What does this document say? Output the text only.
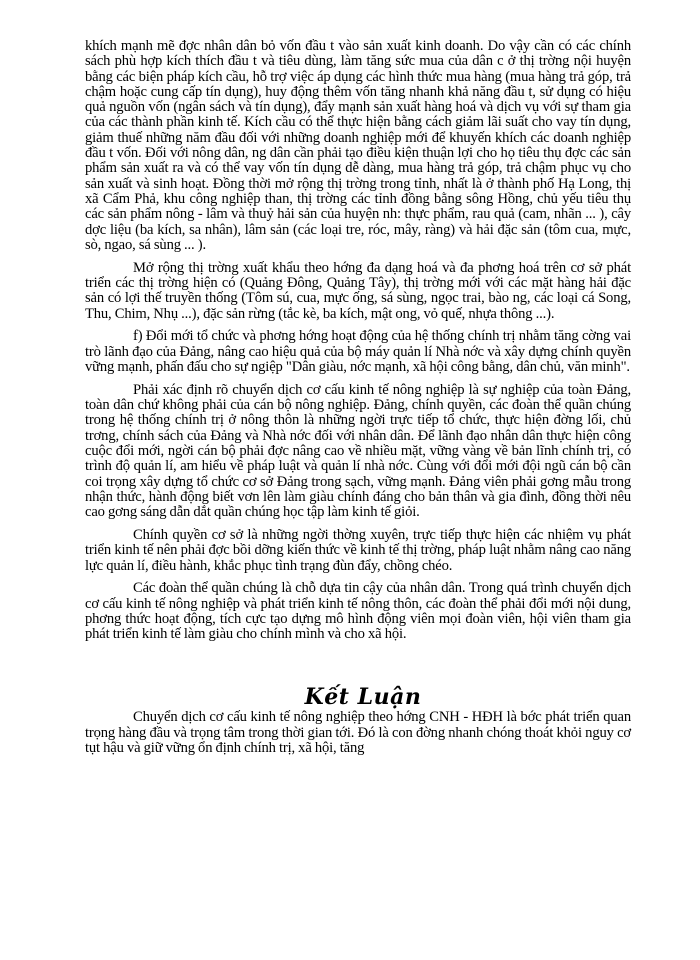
khích mạnh mẽ đợc nhân dân bỏ vốn đầu t vào sản xuất kinh doanh. Do vậy cần có các chính sách phù hợp kích thích đầu t và tiêu dùng, làm tăng sức mua của dân c ở thị trờng nội huyện bằng các biện pháp kích cầu, hỗ trợ việc áp dụng các hình thức mua hàng (mua hàng trả góp, trả chậm hoặc cung cấp tín dụng), huy động thêm vốn tăng nhanh khả năng đầu t, sử dụng có hiệu quả nguồn vốn (ngân sách và tín dụng), đẩy mạnh sản xuất hàng hoá và dịch vụ với sự tham gia của các thành phần kinh tế. Kích cầu có thể thực hiện bằng cách giảm lãi suất cho vay tín dụng, giảm thuế những năm đầu đối với những doanh nghiệp mới để khuyến khích các doanh nghiệp đầu t vốn. Đối với nông dân, ng dân cần phải tạo điều kiện thuận lợi cho họ tiêu thụ đợc các sản phẩm sản xuất ra và có thể vay vốn tín dụng dễ dàng, mua hàng trả góp, trả chậm phục vụ cho sản xuất và sinh hoạt. Đồng thời mở rộng thị trờng trong tỉnh, nhất là ở thành phố Hạ Long, thị xã Cẩm Phả, khu công nghiệp than, thị trờng các tỉnh đồng bằng sông Hồng, chủ yếu tiêu thụ các sản phẩm nông - lâm và thuỷ hải sản của huyện nh: thực phẩm, rau quả (cam, nhãn ... ), cây dợc liệu (ba kích, sa nhân), lâm sản (các loại tre, róc, mây, ràng) và hải đặc sản (tôm cua, mực, sò, ngao, sá sùng ... ).

Mở rộng thị trờng xuất khẩu theo hớng đa dạng hoá và đa phơng hoá trên cơ sở phát triển các thị trờng hiện có (Quảng Đông, Quảng Tây), thị trờng mới với các mặt hàng hải đặc sản có lợi thế truyền thống (Tôm sú, cua, mực ống, sá sùng, ngọc trai, bào ng, các loại cá Song, Thu, Chim, Nhụ ...), đặc sản rừng (tắc kè, ba kích, mật ong, vỏ quế, nhựa thông ...).

f) Đổi mới tổ chức và phơng hớng hoạt động của hệ thống chính trị nhằm tăng cờng vai trò lãnh đạo của Đảng, nâng cao hiệu quả của bộ máy quản lí Nhà nớc và xây dựng chính quyền vững mạnh, phấn đấu cho sự ngiệp "Dân giàu, nớc mạnh, xã hội công bằng, dân chủ, văn minh".

Phải xác định rõ chuyển dịch cơ cấu kinh tế nông nghiệp là sự nghiệp của toàn Đảng, toàn dân chứ không phải của cán bộ nông nghiệp. Đảng, chính quyền, các đoàn thể quần chúng trong hệ thống chính trị ở nông thôn là những ngời trực tiếp tổ chức, thực hiện đờng lối, chủ trơng, chính sách của Đảng và Nhà nớc đối với nhân dân. Để lãnh đạo nhân dân thực hiện công cuộc đổi mới, ngời cán bộ phải đợc nâng cao về nhiều mặt, vững vàng về bản lĩnh chính trị, có trình độ quản lí, am hiểu về pháp luật và quản lí nhà nớc. Cùng với đổi mới đội ngũ cán bộ cần coi trọng xây dựng tổ chức cơ sở Đảng trong sạch, vững mạnh. Đảng viên phải gơng mẫu trong nhận thức, hành động biết vơn lên làm giàu chính đáng cho bản thân và gia đình, đồng thời nêu cao gơng sáng dẫn dắt quần chúng học tập làm kinh tế giỏi.

Chính quyền cơ sở là những ngời thờng xuyên, trực tiếp thực hiện các nhiệm vụ phát triển kinh tế nên phải đợc bồi dỡng kiến thức về kinh tế thị trờng, pháp luật nhằm nâng cao năng lực quản lí, điều hành, khắc phục tình trạng đùn đẩy, chồng chéo.

Các đoàn thể quần chúng là chỗ dựa tin cậy của nhân dân. Trong quá trình chuyển dịch cơ cấu kinh tế nông nghiệp và phát triển kinh tế nông thôn, các đoàn thể phải đổi mới nội dung, phơng thức hoạt động, tích cực tạo dựng mô hình động viên mọi đoàn viên, hội viên tham gia phát triển kinh tế làm giàu cho chính mình và cho xã hội.

Kết Luận

Chuyển dịch cơ cấu kinh tế nông nghiệp theo hớng CNH - HĐH là bớc phát triển quan trọng hàng đầu và trọng tâm trong thời gian tới. Đó là con đờng nhanh chóng thoát khỏi nguy cơ tụt hậu và giữ vững ổn định chính trị, xã hội, tăng
